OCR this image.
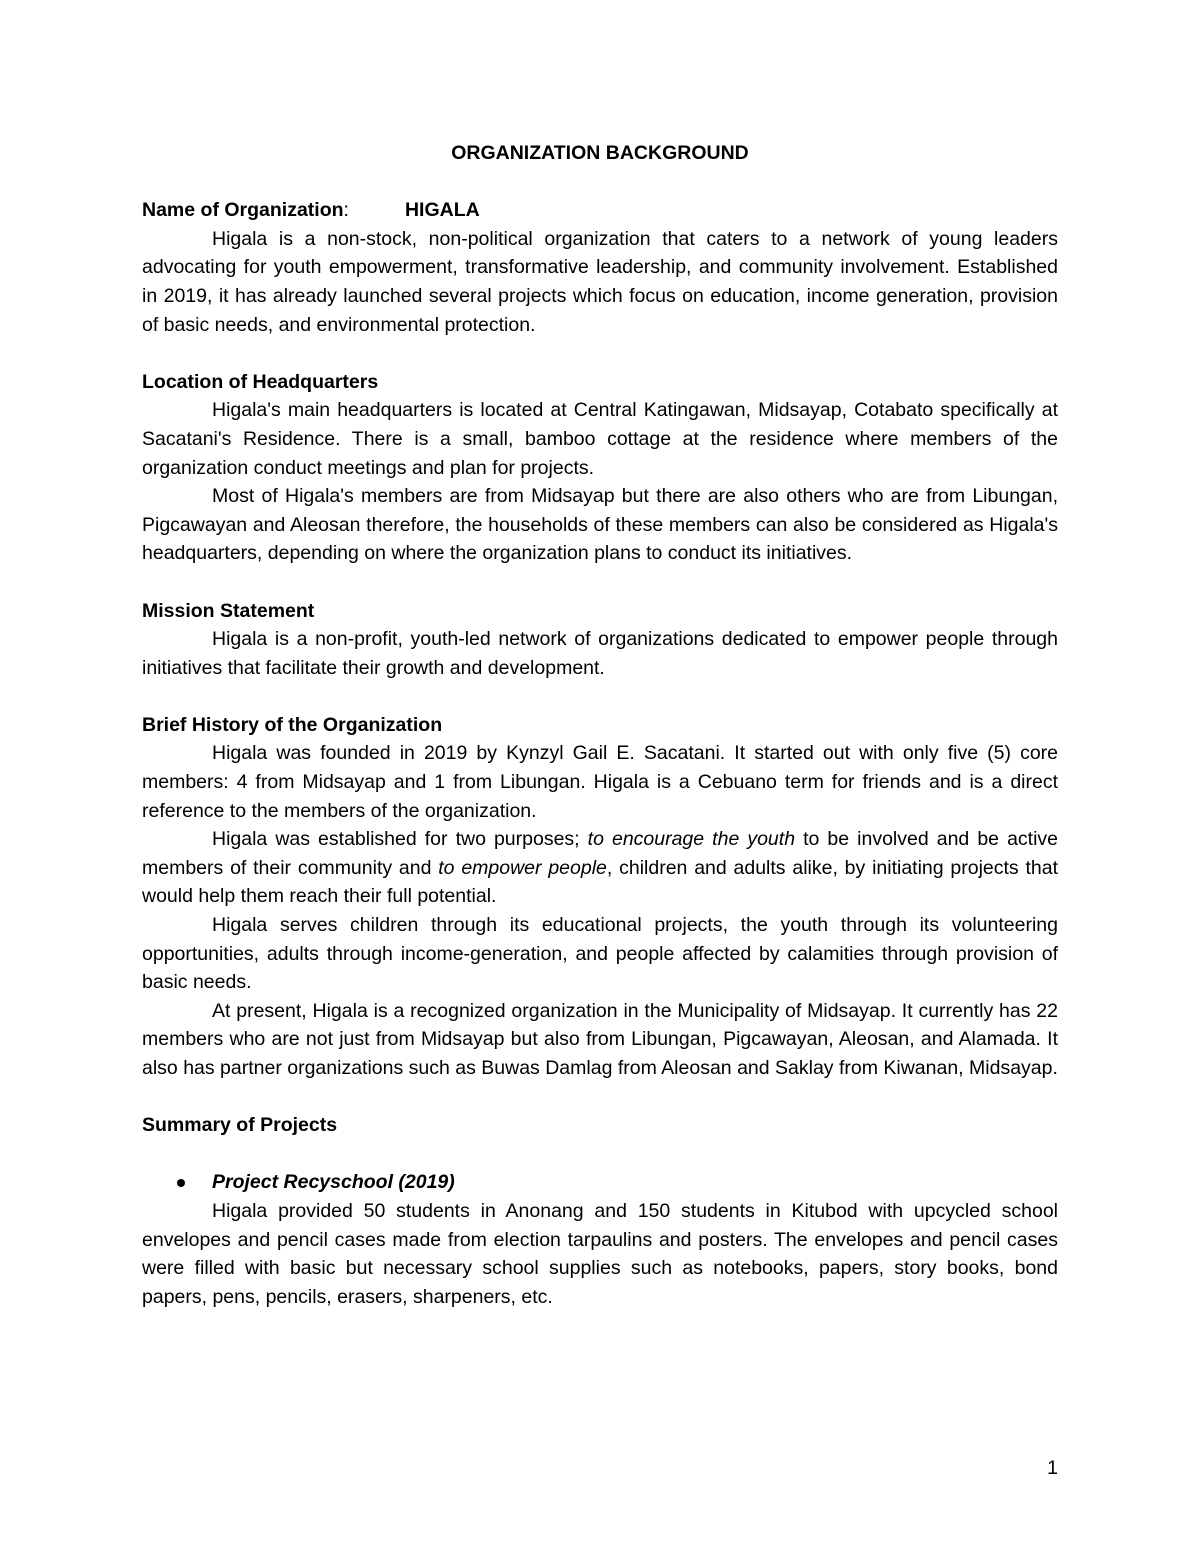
ORGANIZATION BACKGROUND
Name of Organization:	HIGALA

Higala is a non-stock, non-political organization that caters to a network of young leaders advocating for youth empowerment, transformative leadership, and community involvement. Established in 2019, it has already launched several projects which focus on education, income generation, provision of basic needs, and environmental protection.

Location of Headquarters

Higala's main headquarters is located at Central Katingawan, Midsayap, Cotabato specifically at Sacatani's Residence. There is a small, bamboo cottage at the residence where members of the organization conduct meetings and plan for projects.

Most of Higala's members are from Midsayap but there are also others who are from Libungan, Pigcawayan and Aleosan therefore, the households of these members can also be considered as Higala's headquarters, depending on where the organization plans to conduct its initiatives.

Mission Statement

Higala is a non-profit, youth-led network of organizations dedicated to empower people through initiatives that facilitate their growth and development.

Brief History of the Organization

Higala was founded in 2019 by Kynzyl Gail E. Sacatani. It started out with only five (5) core members: 4 from Midsayap and 1 from Libungan. Higala is a Cebuano term for friends and is a direct reference to the members of the organization.

Higala was established for two purposes; to encourage the youth to be involved and be active members of their community and to empower people, children and adults alike, by initiating projects that would help them reach their full potential.

Higala serves children through its educational projects, the youth through its volunteering opportunities, adults through income-generation, and people affected by calamities through provision of basic needs.

At present, Higala is a recognized organization in the Municipality of Midsayap. It currently has 22 members who are not just from Midsayap but also from Libungan, Pigcawayan, Aleosan, and Alamada. It also has partner organizations such as Buwas Damlag from Aleosan and Saklay from Kiwanan, Midsayap.

Summary of Projects
Project Recyschool (2019)

Higala provided 50 students in Anonang and 150 students in Kitubod with upcycled school envelopes and pencil cases made from election tarpaulins and posters. The envelopes and pencil cases were filled with basic but necessary school supplies such as notebooks, papers, story books, bond papers, pens, pencils, erasers, sharpeners, etc.

1
